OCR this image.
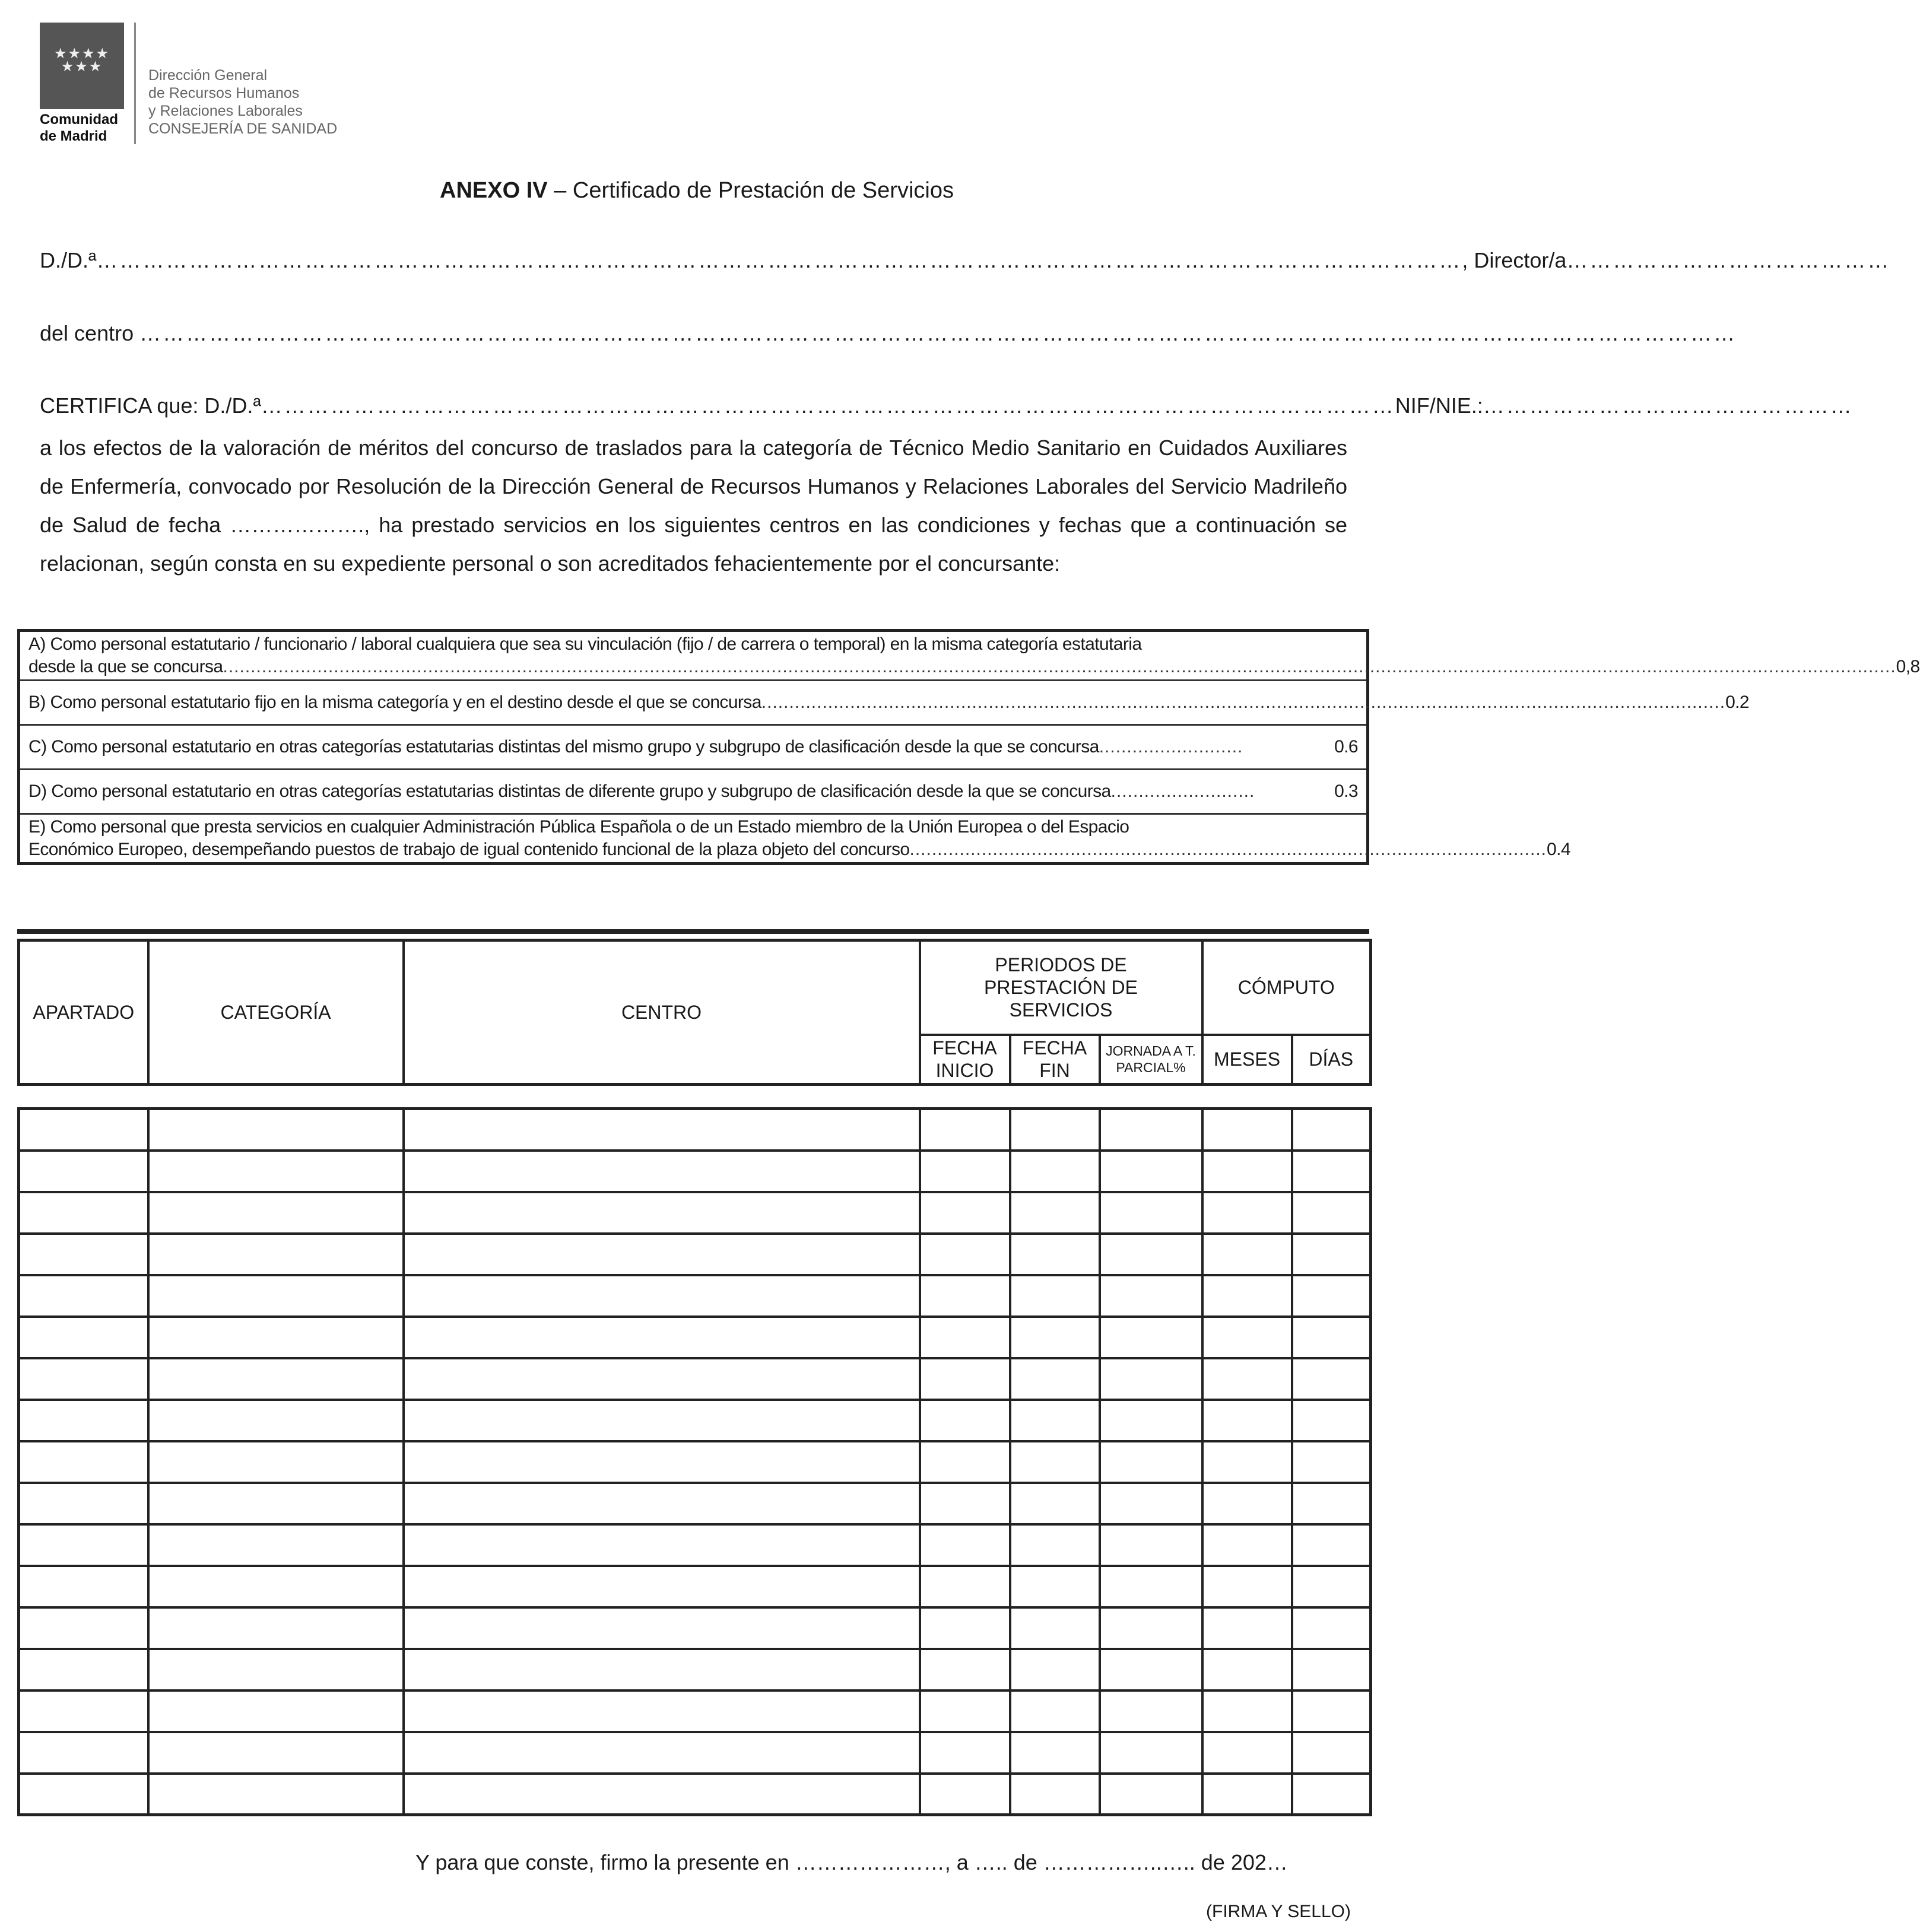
★★★★
★★★
Comunidad
de Madrid
Dirección General
de Recursos Humanos
y Relaciones Laborales
CONSEJERÍA DE SANIDAD
ANEXO IV – Certificado de Prestación de Servicios
D./D.ª …………………………………………………………………………………………………………………………………………………………… , Director/a ……………………………………
del centro
………………………………………………………………………………………………………………………………………………………………………………………
CERTIFICA que: D./D.ª ………………………………………………………………………………………………………………………………… NIF/NIE.: …………………………………………
a los efectos de la valoración de méritos del concurso de traslados para la categoría de Técnico Medio Sanitario en Cuidados Auxiliares de Enfermería, convocado por Resolución de la Dirección General de Recursos Humanos y Relaciones Laborales del Servicio Madrileño de Salud de fecha ………………., ha prestado servicios en los siguientes centros en las condiciones y fechas que a continuación se relacionan, según consta en su expediente personal o son acreditados fehacientemente por el concursante:
A) Como personal estatutario / funcionario / laboral cualquiera que sea su vinculación (fijo / de carrera o temporal) en la misma categoría estatutaria
desde la que se concursa .............................................................................................................................................................................................................................................................................................................. 0,8
B) Como personal estatutario fijo en la misma categoría y en el destino desde el que se concursa .............................................................................................................................................................................. 0.2
C) Como personal estatutario en otras categorías estatutarias distintas del mismo grupo y subgrupo de clasificación desde la que se concursa ..........................	0.6
D) Como personal estatutario en otras categorías estatutarias distintas de diferente grupo y subgrupo de clasificación desde la que se concursa ..........................	0.3
E) Como personal que presta servicios en cualquier Administración Pública Española o de un Estado miembro de la Unión Europea o del Espacio
Económico Europeo, desempeñando puestos de trabajo de igual contenido funcional de la plaza objeto del concurso ................................................................................................................... 0.4
APARTADO	CATEGORÍA	CENTRO	PERIODOS DE PRESTACIÓN DE SERVICIOS			CÓMPUTO	
			FECHA INICIO	FECHA FIN	JORNADA A T. PARCIAL%	MESES	DÍAS

Y para que conste, firmo la presente en …………………, a ….. de ……………..….. de 202…
(FIRMA Y SELLO)
